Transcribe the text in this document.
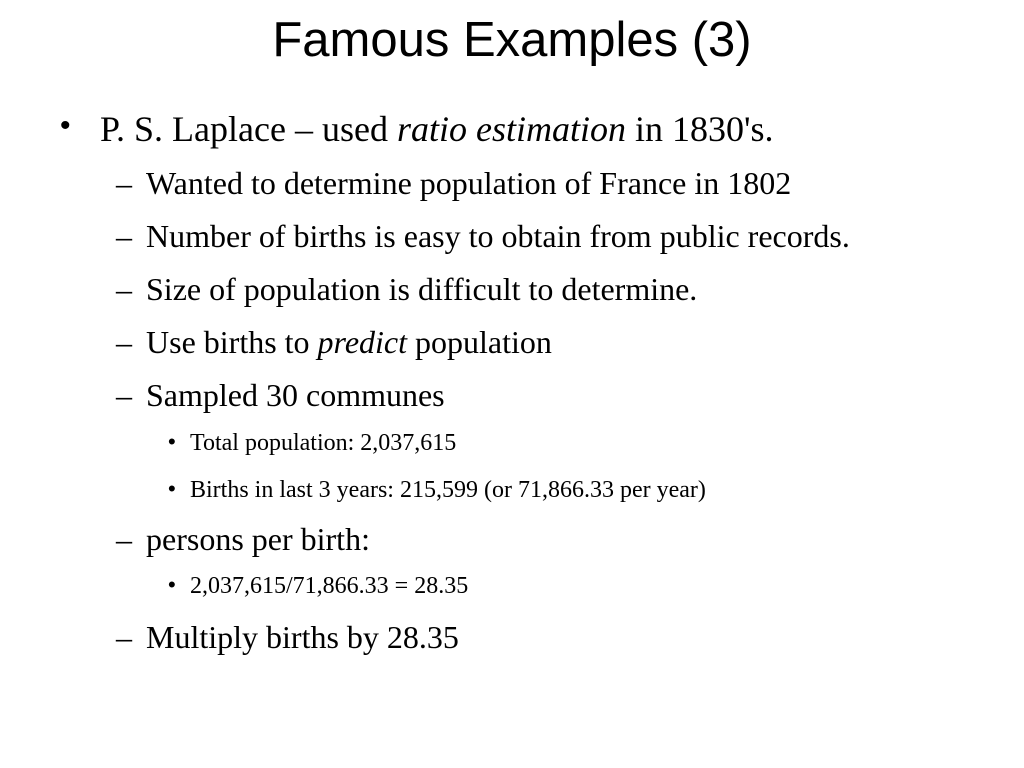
Famous Examples (3)
• P. S. Laplace – used ratio estimation in 1830's.
– Wanted to determine population of France in 1802
– Number of births is easy to obtain from public records.
– Size of population is difficult to determine.
– Use births to predict population
– Sampled 30 communes
• Total population: 2,037,615
• Births in last 3 years: 215,599 (or 71,866.33 per year)
– persons per birth:
• 2,037,615/71,866.33 = 28.35
– Multiply births by 28.35
